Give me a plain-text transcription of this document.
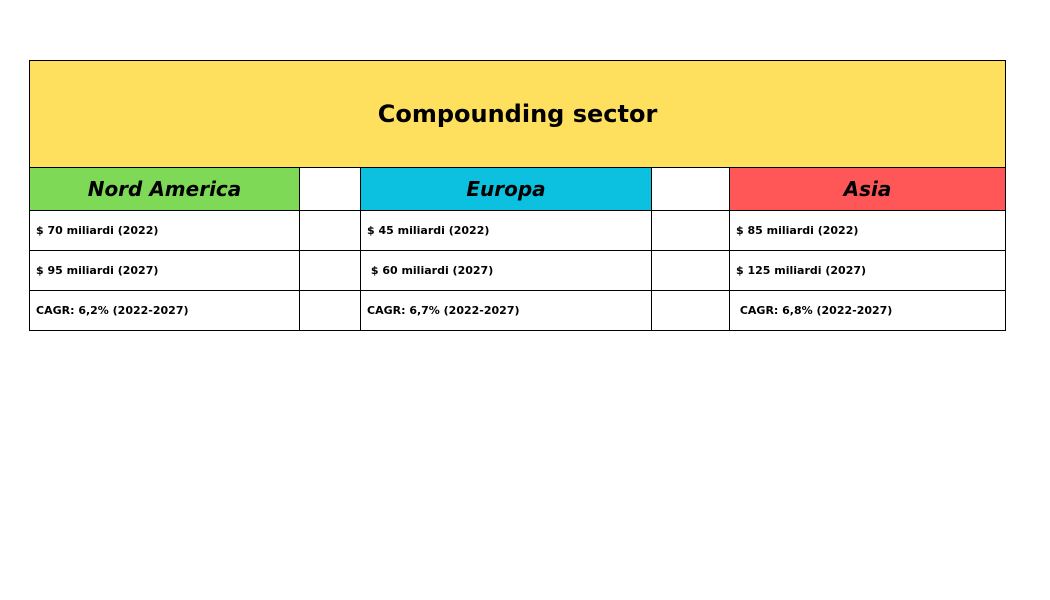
Compounding sector				
Nord America		Europa		Asia
$ 70 miliardi (2022)		$ 45 miliardi (2022)		$ 85 miliardi (2022)
$ 95 miliardi (2027)		$ 60 miliardi (2027)		$ 125 miliardi (2027)
CAGR: 6,2% (2022-2027)		CAGR: 6,7% (2022-2027)		CAGR: 6,8% (2022-2027)
